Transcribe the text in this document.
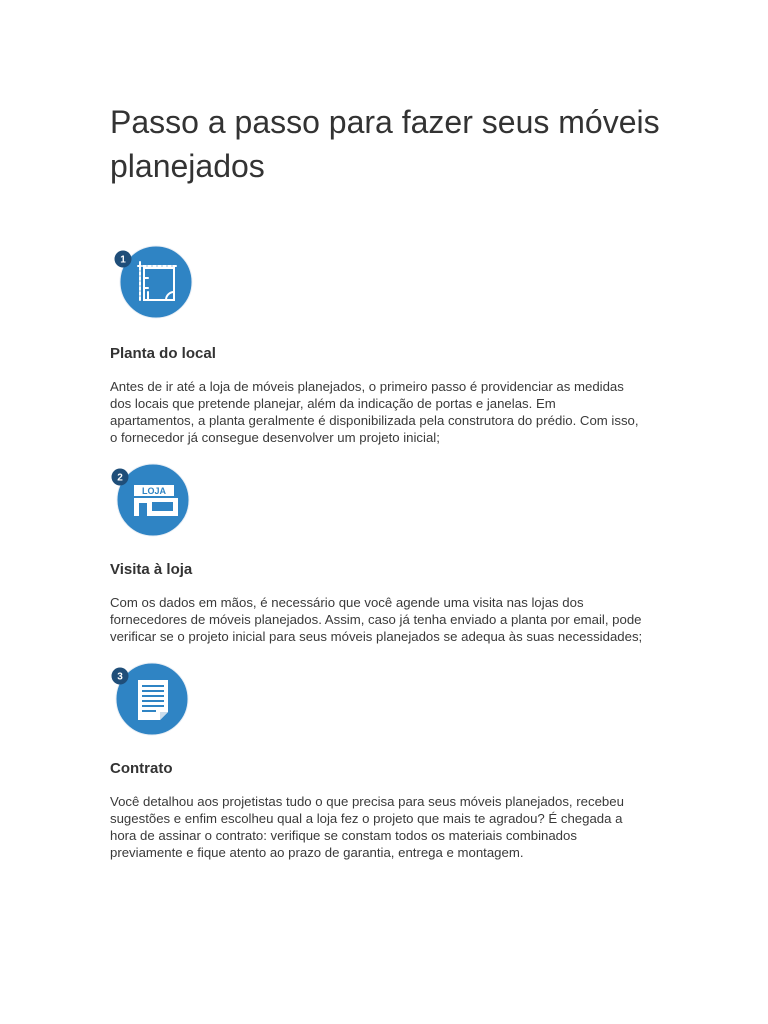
Passo a passo para fazer seus móveis planejados
1
Planta do local

Antes de ir até a loja de móveis planejados, o primeiro passo é providenciar as medidas
dos locais que pretende planejar, além da indicação de portas e janelas. Em
apartamentos, a planta geralmente é disponibilizada pela construtora do prédio. Com isso,
o fornecedor já consegue desenvolver um projeto inicial;

LOJA
2
Visita à loja

Com os dados em mãos, é necessário que você agende uma visita nas lojas dos
fornecedores de móveis planejados. Assim, caso já tenha enviado a planta por email, pode
verificar se o projeto inicial para seus móveis planejados se adequa às suas necessidades;

3
Contrato

Você detalhou aos projetistas tudo o que precisa para seus móveis planejados, recebeu
sugestões e enfim escolheu qual a loja fez o projeto que mais te agradou? É chegada a
hora de assinar o contrato: verifique se constam todos os materiais combinados
previamente e fique atento ao prazo de garantia, entrega e montagem.
